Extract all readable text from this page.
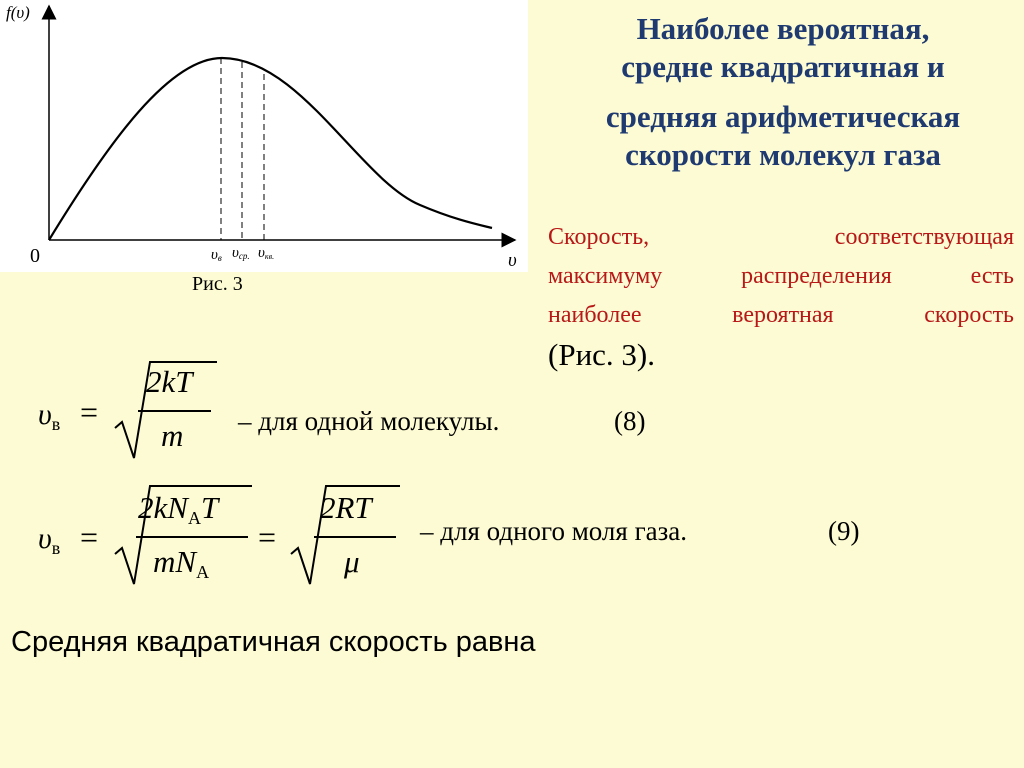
f(υ)
0	υ
υв υср. υкв.
Рис. 3
Наиболее вероятная,
средне квадратичная и
средняя арифметическая
скорости молекул газа
Скорость,	соответствующая
максимуму	распределения	есть
наиболее	вероятная	скорость
(Рис. 3).
$\upsilon_в$ =
2kT
m – для одной молекулы.	(8)
$\upsilon_в$ =
2kNAT
mNA
=
2RT
μ
– для одного моля газа.	(9)
Средняя квадратичная скорость равна
